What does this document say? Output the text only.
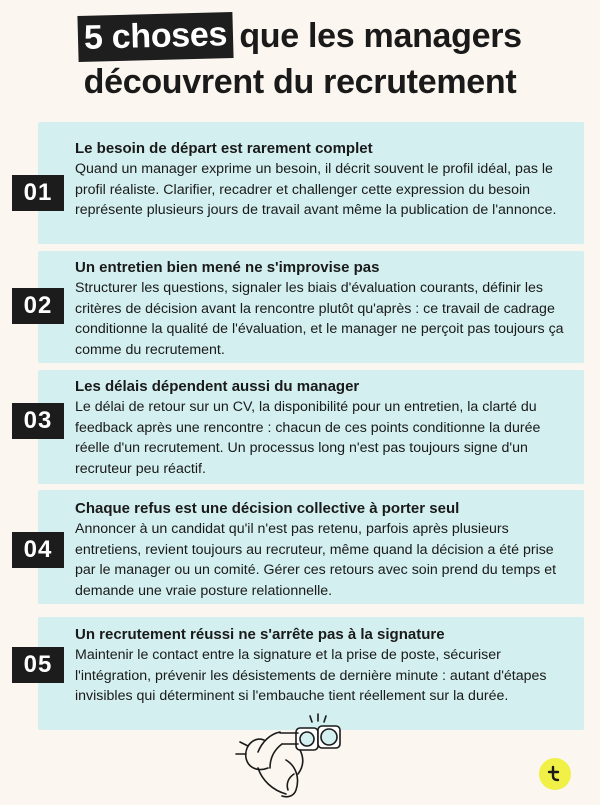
5 choses que les managers
découvrent du recrutement
01
Le besoin de départ est rarement complet
Quand un manager exprime un besoin, il décrit souvent le profil idéal, pas le profil réaliste. Clarifier, recadrer et challenger cette expression du besoin représente plusieurs jours de travail avant même la publication de l'annonce.
02
Un entretien bien mené ne s'improvise pas
Structurer les questions, signaler les biais d'évaluation courants, définir les critères de décision avant la rencontre plutôt qu'après : ce travail de cadrage conditionne la qualité de l'évaluation, et le manager ne perçoit pas toujours ça comme du recrutement.
03
Les délais dépendent aussi du manager
Le délai de retour sur un CV, la disponibilité pour un entretien, la clarté du feedback après une rencontre : chacun de ces points conditionne la durée réelle d'un recrutement. Un processus long n'est pas toujours signe d'un recruteur peu réactif.
04
Chaque refus est une décision collective à porter seul
Annoncer à un candidat qu'il n'est pas retenu, parfois après plusieurs entretiens, revient toujours au recruteur, même quand la décision a été prise par le manager ou un comité. Gérer ces retours avec soin prend du temps et demande une vraie posture relationnelle.
05
Un recrutement réussi ne s'arrête pas à la signature
Maintenir le contact entre la signature et la prise de poste, sécuriser l'intégration, prévenir les désistements de dernière minute : autant d'étapes invisibles qui déterminent si l'embauche tient réellement sur la durée.
